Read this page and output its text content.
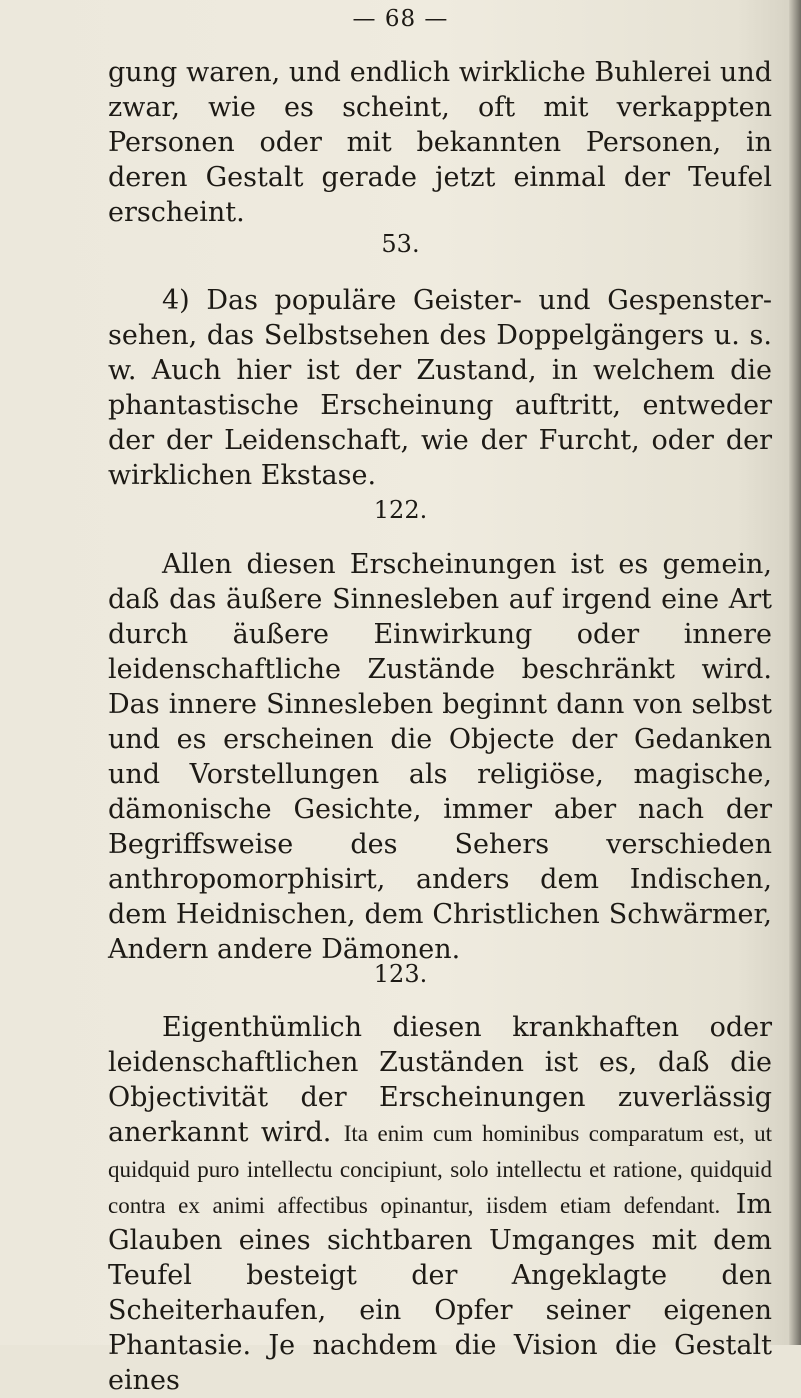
— 68 —

gung waren, und endlich wirkliche Buhlerei und zwar, wie es scheint, oft mit verkappten Personen oder mit bekannten Personen, in deren Gestalt gerade jetzt einmal der Teufel erscheint.

53.

4) Das populäre Geister- und Gespenster-sehen, das Selbstsehen des Doppelgängers u. s. w. Auch hier ist der Zustand, in welchem die phantastische Erscheinung auftritt, entweder der der Leidenschaft, wie der Furcht, oder der wirklichen Ekstase.

122.

Allen diesen Erscheinungen ist es gemein, daß das äußere Sinnesleben auf irgend eine Art durch äußere Einwirkung oder innere leidenschaftliche Zustände beschränkt wird. Das innere Sinnesleben beginnt dann von selbst und es erscheinen die Objecte der Gedanken und Vorstellungen als religiöse, magische, dämonische Gesichte, immer aber nach der Begriffsweise des Sehers verschieden anthropomorphisirt, anders dem Indischen, dem Heidnischen, dem Christlichen Schwärmer, Andern andere Dämonen.

123.

Eigenthümlich diesen krankhaften oder leidenschaftlichen Zuständen ist es, daß die Objectivität der Erscheinungen zuverlässig anerkannt wird. Ita enim cum hominibus comparatum est, ut quidquid puro intellectu concipiunt, solo intellectu et ratione, quidquid contra ex animi affectibus opinantur, iisdem etiam defendant. Im Glauben eines sichtbaren Umganges mit dem Teufel besteigt der Angeklagte den Scheiterhaufen, ein Opfer seiner eigenen Phantasie. Je nachdem die Vision die Gestalt eines
